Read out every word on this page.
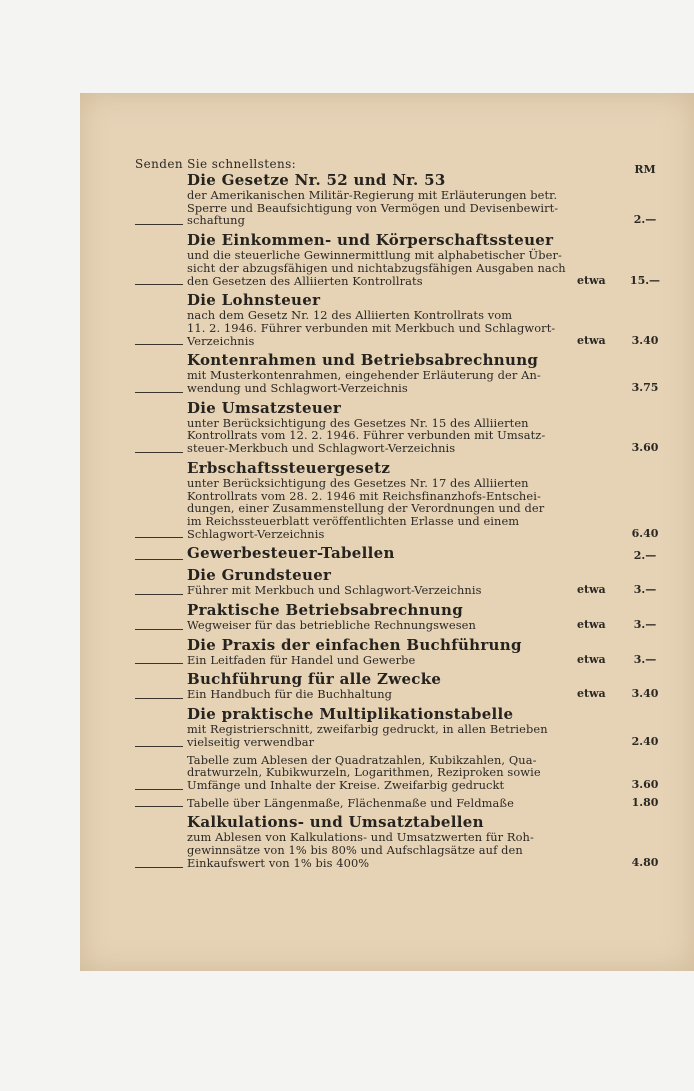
Senden Sie schnellstens:	RM
Die Gesetze Nr. 52 und Nr. 53
der Amerikanischen Militär-Regierung mit Erläuterungen betr.
Sperre und Beaufsichtigung von Vermögen und Devisenbewirt-
schaftung	2.—
Die Einkommen- und Körperschaftssteuer
und die steuerliche Gewinnermittlung mit alphabetischer Über-
sicht der abzugsfähigen und nichtabzugsfähigen Ausgaben nach
den Gesetzen des Alliierten Kontrollrats	etwa	15.—
Die Lohnsteuer
nach dem Gesetz Nr. 12 des Alliierten Kontrollrats vom
11. 2. 1946. Führer verbunden mit Merkbuch und Schlagwort-
Verzeichnis	etwa	3.40
Kontenrahmen und Betriebsabrechnung
mit Musterkontenrahmen, eingehender Erläuterung der An-
wendung und Schlagwort-Verzeichnis	3.75
Die Umsatzsteuer
unter Berücksichtigung des Gesetzes Nr. 15 des Alliierten
Kontrollrats vom 12. 2. 1946. Führer verbunden mit Umsatz-
steuer-Merkbuch und Schlagwort-Verzeichnis	3.60
Erbschaftssteuergesetz
unter Berücksichtigung des Gesetzes Nr. 17 des Alliierten
Kontrollrats vom 28. 2. 1946 mit Reichsfinanzhofs-Entschei-
dungen, einer Zusammenstellung der Verordnungen und der
im Reichssteuerblatt veröffentlichten Erlasse und einem
Schlagwort-Verzeichnis	6.40
Gewerbesteuer-Tabellen	2.—
Die Grundsteuer
Führer mit Merkbuch und Schlagwort-Verzeichnis	etwa	3.—
Praktische Betriebsabrechnung
Wegweiser für das betriebliche Rechnungswesen	etwa	3.—
Die Praxis der einfachen Buchführung
Ein Leitfaden für Handel und Gewerbe	etwa	3.—
Buchführung für alle Zwecke
Ein Handbuch für die Buchhaltung	etwa	3.40
Die praktische Multiplikationstabelle
mit Registrierschnitt, zweifarbig gedruckt, in allen Betrieben
vielseitig verwendbar	2.40
Tabelle zum Ablesen der Quadratzahlen, Kubikzahlen, Qua-
dratwurzeln, Kubikwurzeln, Logarithmen, Reziproken sowie
Umfänge und Inhalte der Kreise. Zweifarbig gedruckt	3.60
Tabelle über Längenmaße, Flächenmaße und Feldmaße	1.80
Kalkulations- und Umsatztabellen
zum Ablesen von Kalkulations- und Umsatzwerten für Roh-
gewinnsätze von 1% bis 80% und Aufschlagsätze auf den
Einkaufswert von 1% bis 400%	4.80
